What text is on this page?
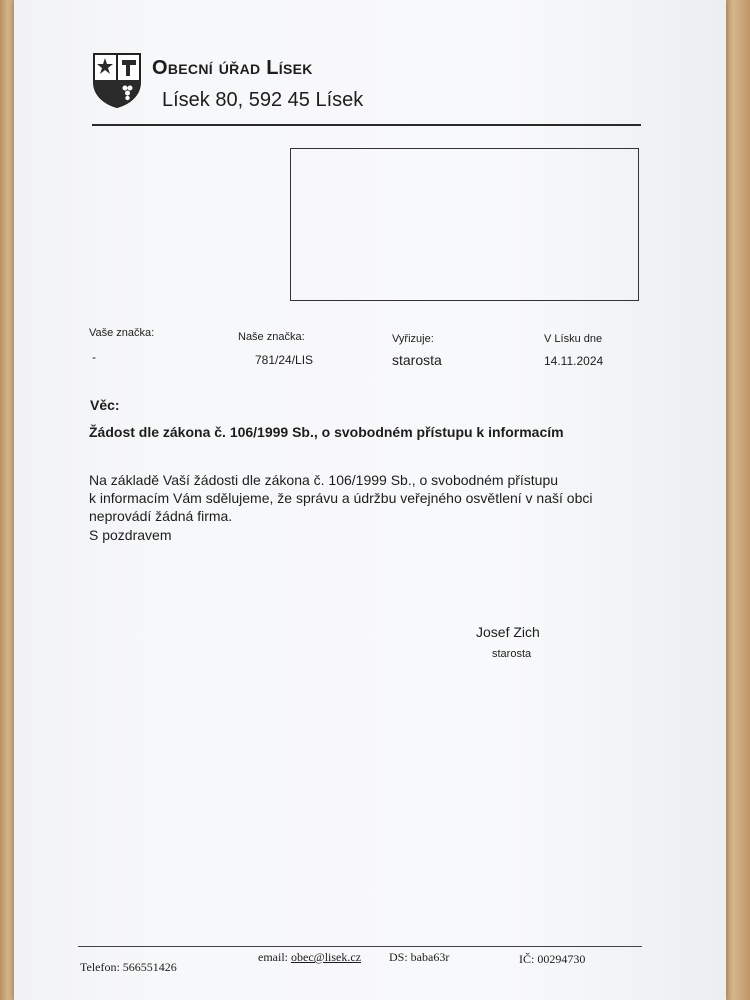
Obecní úřad Lísek
Lísek 80, 592 45 Lísek
Vaše značka:
-
Naše značka:
781/24/LIS
Vyřizuje:
starosta
V Lísku dne
14.11.2024
Věc:
Žádost dle zákona č. 106/1999 Sb., o svobodném přístupu k informacím
Na základě Vaší žádosti dle zákona č. 106/1999 Sb., o svobodném přístupu
k informacím Vám sdělujeme, že správu a údržbu veřejného osvětlení v naší obci
neprovádí žádná firma.
S pozdravem
Josef Zich
starosta
Telefon: 566551426
email: obec@lisek.cz DS: baba63r	IČ: 00294730
